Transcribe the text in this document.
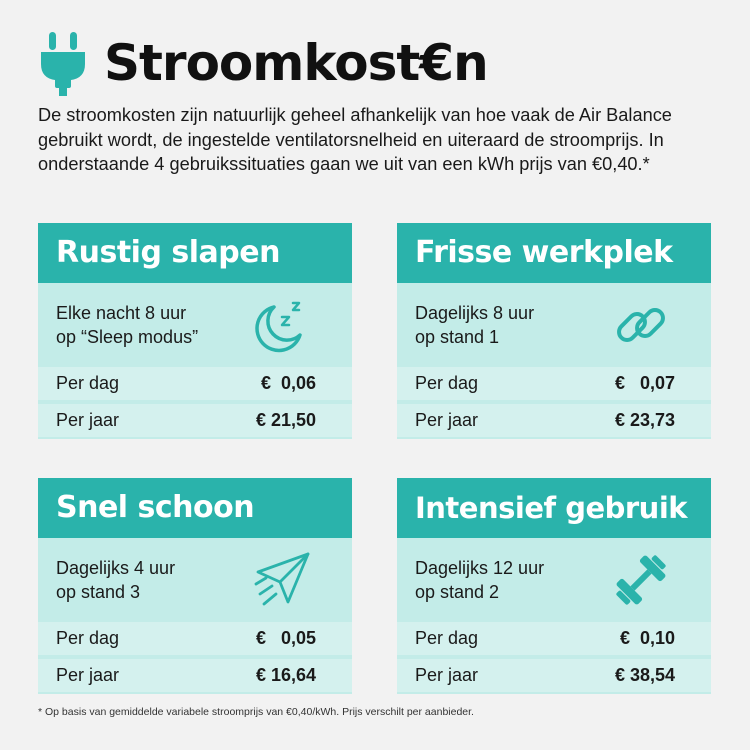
Stroomkost€n

De stroomkosten zijn natuurlijk geheel afhankelijk van hoe vaak de Air Balance gebruikt wordt, de ingestelde ventilatorsnelheid en uiteraard de stroomprijs. In onderstaande 4 gebruikssituaties gaan we uit van een kWh prijs van €0,40.*

Rustig slapen
Elke nacht 8 uur
op “Sleep modus”
Per dag	€  0,06
Per jaar	€ 21,50
Frisse werkplek
Dagelijks 8 uur
op stand 1
Per dag	€   0,07
Per jaar	€ 23,73
Snel schoon
Dagelijks 4 uur
op stand 3
Per dag	€   0,05
Per jaar	€ 16,64
Intensief gebruik
Dagelijks 12 uur
op stand 2
Per dag	€  0,10
Per jaar	€ 38,54
* Op basis van gemiddelde variabele stroomprijs van €0,40/kWh. Prijs verschilt per aanbieder.
